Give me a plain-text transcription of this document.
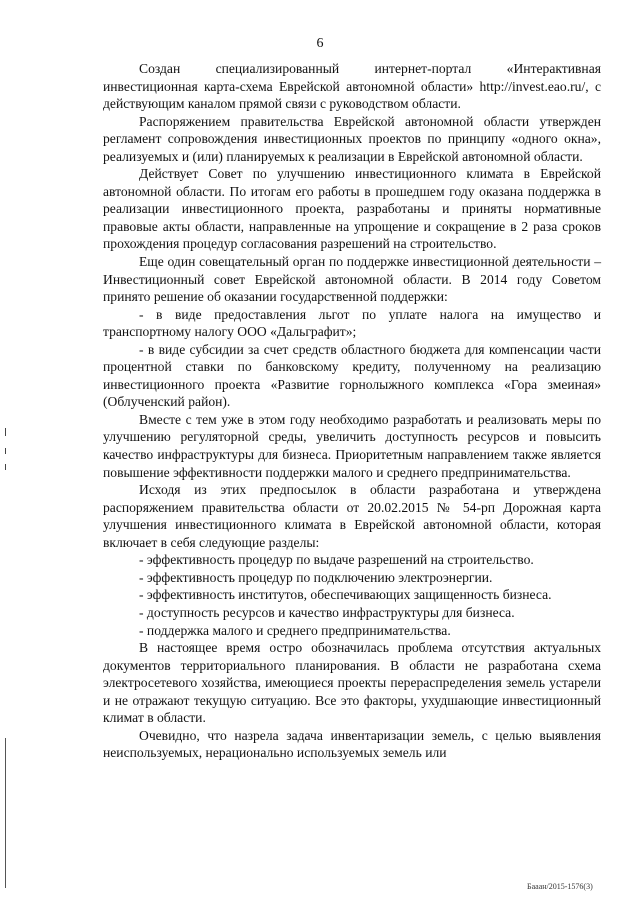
6

Создан специализированный интернет-портал «Интерактивная инвестиционная карта-схема Еврейской автономной области» http://invest.eao.ru/, с действующим каналом прямой связи с руководством области.

Распоряжением правительства Еврейской автономной области утвержден регламент сопровождения инвестиционных проектов по принципу «одного окна», реализуемых и (или) планируемых к реализации в Еврейской автономной области.

Действует Совет по улучшению инвестиционного климата в Еврейской автономной области. По итогам его работы в прошедшем году оказана поддержка в реализации инвестиционного проекта, разработаны и приняты нормативные правовые акты области, направленные на упрощение и сокращение в 2 раза сроков прохождения процедур согласования разрешений на строительство.

Еще один совещательный орган по поддержке инвестиционной деятельности – Инвестиционный совет Еврейской автономной области. В 2014 году Советом принято решение об оказании государственной поддержки:

- в виде предоставления льгот по уплате налога на имущество и транспортному налогу ООО «Дальграфит»;

- в виде субсидии за счет средств областного бюджета для компенсации части процентной ставки по банковскому кредиту, полученному на реализацию инвестиционного проекта «Развитие горнолыжного комплекса «Гора змеиная» (Облученский район).

Вместе с тем уже в этом году необходимо разработать и реализовать меры по улучшению регуляторной среды, увеличить доступность ресурсов и повысить качество инфраструктуры для бизнеса. Приоритетным направлением также является повышение эффективности поддержки малого и среднего предпринимательства.

Исходя из этих предпосылок в области разработана и утверждена распоряжением правительства области от 20.02.2015 № 54-рп Дорожная карта улучшения инвестиционного климата в Еврейской автономной области, которая включает в себя следующие разделы:

- эффективность процедур по выдаче разрешений на строительство.

- эффективность процедур по подключению электроэнергии.

- эффективность институтов, обеспечивающих защищенность бизнеса.

- доступность ресурсов и качество инфраструктуры для бизнеса.

- поддержка малого и среднего предпринимательства.

В настоящее время остро обозначилась проблема отсутствия актуальных документов территориального планирования. В области не разработана схема электросетевого хозяйства, имеющиеся проекты перераспределения земель устарели и не отражают текущую ситуацию. Все это факторы, ухудшающие инвестиционный климат в области.

Очевидно, что назрела задача инвентаризации земель, с целью выявления неиспользуемых, нерационально используемых земель или

Бааан/2015-1576(3)
